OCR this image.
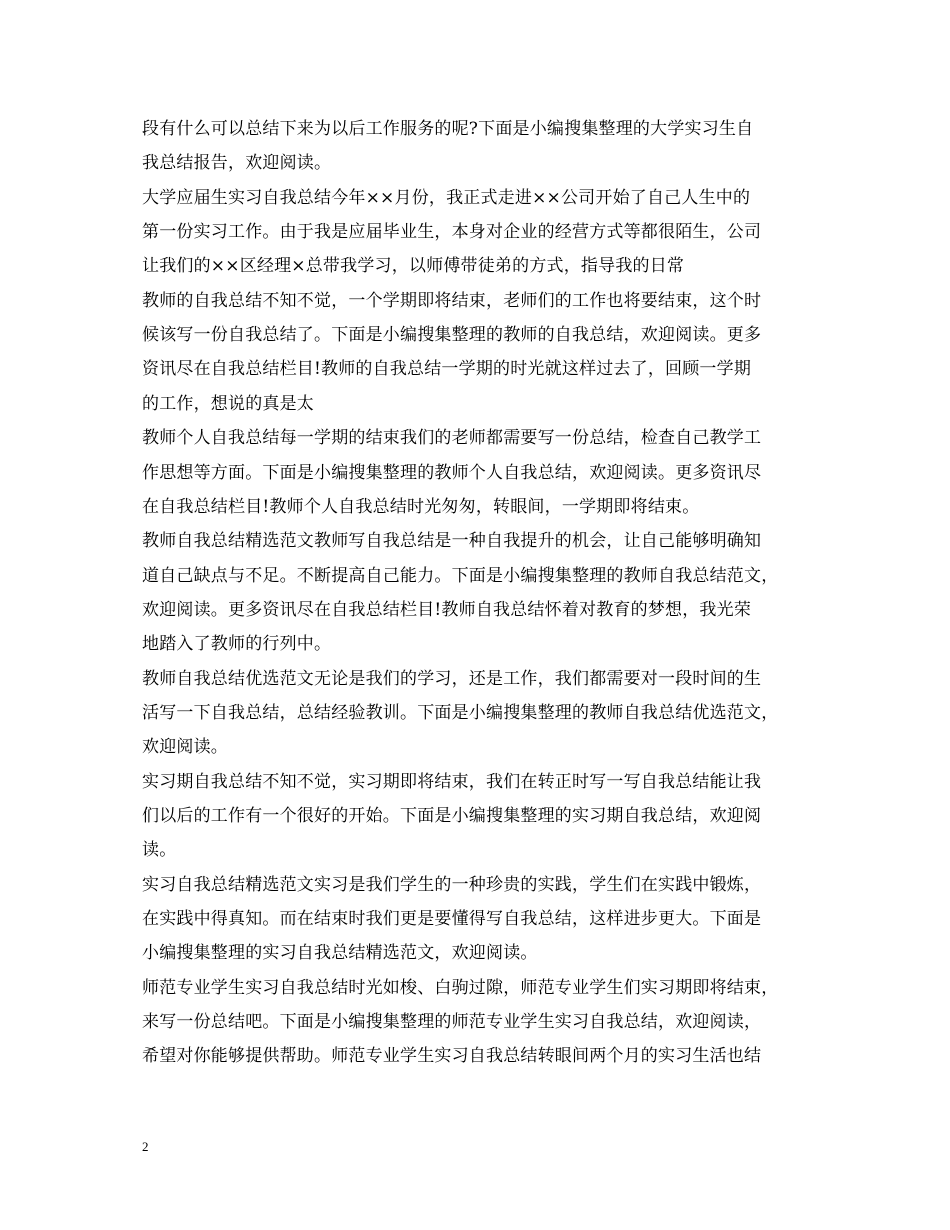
段有什么可以总结下来为以后工作服务的呢?下面是小编搜集整理的大学实习生自
我总结报告，欢迎阅读。
大学应届生实习自我总结今年××月份，我正式走进××公司开始了自己人生中的
第一份实习工作。由于我是应届毕业生，本身对企业的经营方式等都很陌生，公司
让我们的××区经理×总带我学习，以师傅带徒弟的方式，指导我的日常
教师的自我总结不知不觉，一个学期即将结束，老师们的工作也将要结束，这个时
候该写一份自我总结了。下面是小编搜集整理的教师的自我总结，欢迎阅读。更多
资讯尽在自我总结栏目!教师的自我总结一学期的时光就这样过去了，回顾一学期
的工作，想说的真是太
教师个人自我总结每一学期的结束我们的老师都需要写一份总结，检查自己教学工
作思想等方面。下面是小编搜集整理的教师个人自我总结，欢迎阅读。更多资讯尽
在自我总结栏目!教师个人自我总结时光匆匆，转眼间，一学期即将结束。
教师自我总结精选范文教师写自我总结是一种自我提升的机会，让自己能够明确知
道自己缺点与不足。不断提高自己能力。下面是小编搜集整理的教师自我总结范文，
欢迎阅读。更多资讯尽在自我总结栏目!教师自我总结怀着对教育的梦想，我光荣
地踏入了教师的行列中。
教师自我总结优选范文无论是我们的学习，还是工作，我们都需要对一段时间的生
活写一下自我总结，总结经验教训。下面是小编搜集整理的教师自我总结优选范文，
欢迎阅读。
实习期自我总结不知不觉，实习期即将结束，我们在转正时写一写自我总结能让我
们以后的工作有一个很好的开始。下面是小编搜集整理的实习期自我总结，欢迎阅
读。
实习自我总结精选范文实习是我们学生的一种珍贵的实践，学生们在实践中锻炼，
在实践中得真知。而在结束时我们更是要懂得写自我总结，这样进步更大。下面是
小编搜集整理的实习自我总结精选范文，欢迎阅读。
师范专业学生实习自我总结时光如梭、白驹过隙，师范专业学生们实习期即将结束，
来写一份总结吧。下面是小编搜集整理的师范专业学生实习自我总结，欢迎阅读，
希望对你能够提供帮助。师范专业学生实习自我总结转眼间两个月的实习生活也结
2
